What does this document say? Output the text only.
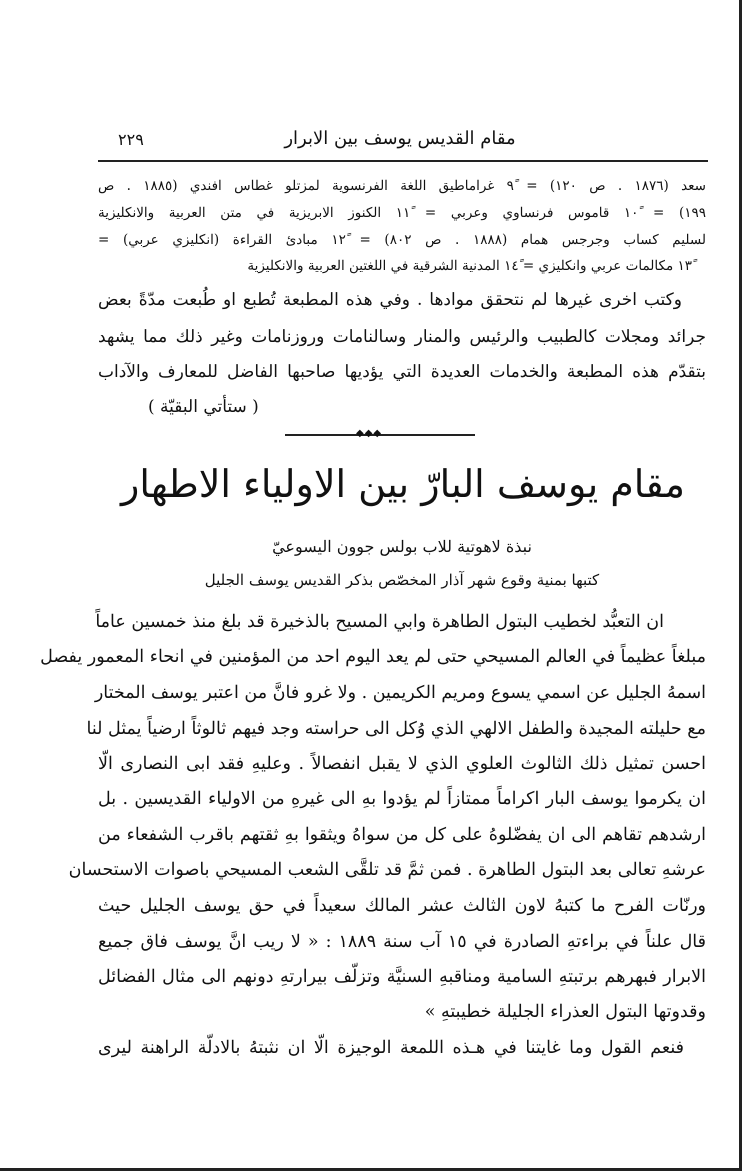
مقام القديس يوسف بين الابرار
٢٢٩
سعد (١٨٧٦ . ص ١٢٠) = ٩ً غراماطيق اللغة الفرنسوية لمزتلو غطاس افندي (١٨٨٥ . ص
١٩٩) = ١٠ً قاموس فرنساوي وعربي = ١١ً الكنوز الابريزية في متن العربية والانكليزية
لسليم كساب وجرجس همام (١٨٨٨ . ص ٨٠٢) = ١٢ً مبادئ القراءة (انكليزي عربي) =
١٣ً مكالمات عربي وانكليزي = ١٤ً المدنية الشرقية في اللغتين العربية والانكليزية
وكتب اخرى غيرها لم نتحقق موادها . وفي هذه المطبعة تُطبع او طُبعت مدّةً بعض
جرائد ومجلات كالطبيب والرئيس والمنار وسالنامات وروزنامات وغير ذلك مما يشهد
بتقدّم هذه المطبعة والخدمات العديدة التي يؤديها صاحبها الفاضل للمعارف والآداب
( ستأتي البقيّة )
◆◆◆
مقام يوسف البارّ بين الاولياء الاطهار
نبذة لاهوتية للاب بولس جوون اليسوعيّ
كتبها بمنية وقوع شهر آذار المخصّص بذكر القديس يوسف الجليل
ان التعبُّد لخطيب البتول الطاهرة وابي المسيح بالذخيرة قد بلغ منذ خمسين عاماً
مبلغاً عظيماً في العالم المسيحي حتى لم يعد اليوم احد من المؤمنين في انحاء المعمور يفصل
اسمهُ الجليل عن اسمي يسوع ومريم الكريمين . ولا غرو فانَّ من اعتبر يوسف المختار
مع حليلته المجيدة والطفل الالهي الذي وُكل الى حراسته وجد فيهم ثالوثاً ارضياً يمثل لنا
احسن تمثيل ذلك الثالوث العلوي الذي لا يقبل انفصالاً . وعليهِ فقد ابى النصارى الّا
ان يكرموا يوسف البار اكراماً ممتازاً لم يؤدوا بهِ الى غيرهِ من الاولياء القديسين . بل
ارشدهم تقاهم الى ان يفضّلوهُ على كل من سواهُ ويثقوا بهِ ثقتهم باقرب الشفعاء من
عرشهِ تعالى بعد البتول الطاهرة . فمن ثمَّ قد تلقَّى الشعب المسيحي باصوات الاستحسان
ورنّات الفرح ما كتبهُ لاون الثالث عشر المالك سعيداً في حق يوسف الجليل حيث
قال علناً في براءتهِ الصادرة في ١٥ آب سنة ١٨٨٩ : « لا ريب انَّ يوسف فاق جميع
الابرار فبهرهم برتبتهِ السامية ومناقبهِ السنيَّة وتزلّف بيرارتهِ دونهم الى مثال الفضائل
وقدوتها البتول العذراء الجليلة خطيبتهِ »
فنعم القول وما غايتنا في هـذه اللمعة الوجيزة الّا ان نثبتهُ بالادلّة الراهنة ليرى
